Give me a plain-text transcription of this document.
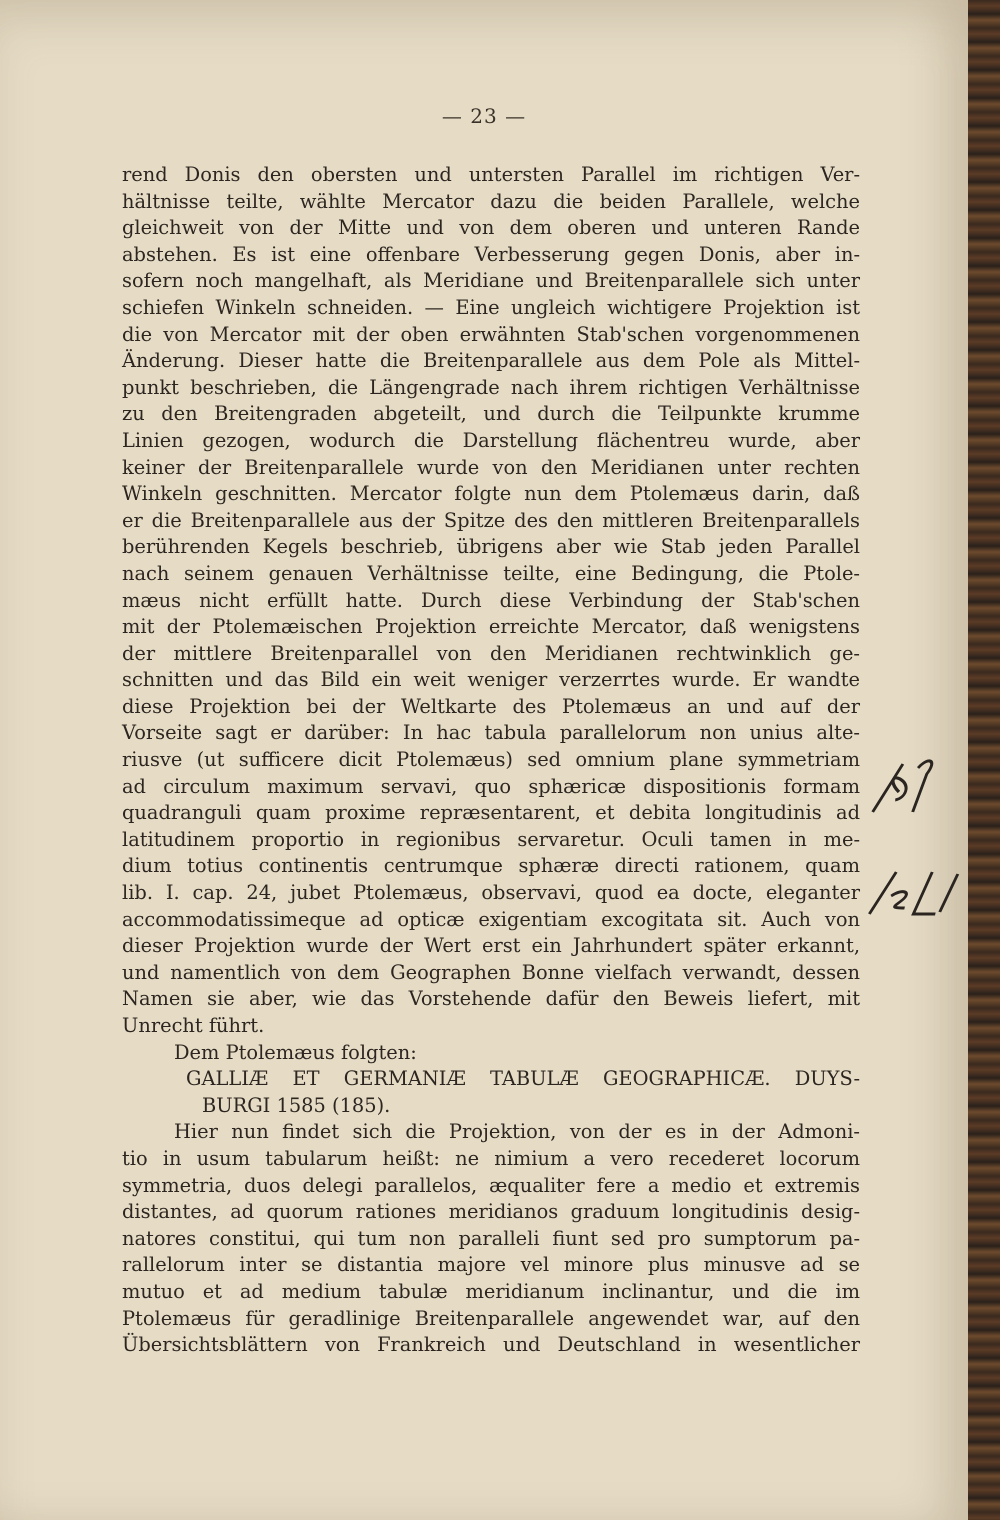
— 23 —
rend Donis den obersten und untersten Parallel im richtigen Ver-
hältnisse teilte, wählte Mercator dazu die beiden Parallele, welche
gleichweit von der Mitte und von dem oberen und unteren Rande
abstehen. Es ist eine offenbare Verbesserung gegen Donis, aber in-
sofern noch mangelhaft, als Meridiane und Breitenparallele sich unter
schiefen Winkeln schneiden. — Eine ungleich wichtigere Projektion ist
die von Mercator mit der oben erwähnten Stab'schen vorgenommenen
Änderung. Dieser hatte die Breitenparallele aus dem Pole als Mittel-
punkt beschrieben, die Längengrade nach ihrem richtigen Verhältnisse
zu den Breitengraden abgeteilt, und durch die Teilpunkte krumme
Linien gezogen, wodurch die Darstellung flächentreu wurde, aber
keiner der Breitenparallele wurde von den Meridianen unter rechten
Winkeln geschnitten. Mercator folgte nun dem Ptolemæus darin, daß
er die Breitenparallele aus der Spitze des den mittleren Breitenparallels
berührenden Kegels beschrieb, übrigens aber wie Stab jeden Parallel
nach seinem genauen Verhältnisse teilte, eine Bedingung, die Ptole-
mæus nicht erfüllt hatte. Durch diese Verbindung der Stab'schen
mit der Ptolemæischen Projektion erreichte Mercator, daß wenigstens
der mittlere Breitenparallel von den Meridianen rechtwinklich ge-
schnitten und das Bild ein weit weniger verzerrtes wurde. Er wandte
diese Projektion bei der Weltkarte des Ptolemæus an und auf der
Vorseite sagt er darüber: In hac tabula parallelorum non unius alte-
riusve (ut sufficere dicit Ptolemæus) sed omnium plane symmetriam
ad circulum maximum servavi, quo sphæricæ dispositionis formam
quadranguli quam proxime repræsentarent, et debita longitudinis ad
latitudinem proportio in regionibus servaretur. Oculi tamen in me-
dium totius continentis centrumque sphæræ directi rationem, quam
lib. I. cap. 24, jubet Ptolemæus, observavi, quod ea docte, eleganter
accommodatissimeque ad opticæ exigentiam excogitata sit. Auch von
dieser Projektion wurde der Wert erst ein Jahrhundert später erkannt,
und namentlich von dem Geographen Bonne vielfach verwandt, dessen
Namen sie aber, wie das Vorstehende dafür den Beweis liefert, mit
Unrecht führt.
Dem Ptolemæus folgten:
GALLIÆ ET GERMANIÆ TABULÆ GEOGRAPHICÆ. DUYS-
BURGI 1585 (185).
Hier nun findet sich die Projektion, von der es in der Admoni-
tio in usum tabularum heißt: ne nimium a vero recederet locorum
symmetria, duos delegi parallelos, æqualiter fere a medio et extremis
distantes, ad quorum rationes meridianos graduum longitudinis desig-
natores constitui, qui tum non paralleli fiunt sed pro sumptorum pa-
rallelorum inter se distantia majore vel minore plus minusve ad se
mutuo et ad medium tabulæ meridianum inclinantur, und die im
Ptolemæus für geradlinige Breitenparallele angewendet war, auf den
Übersichtsblättern von Frankreich und Deutschland in wesentlicher
